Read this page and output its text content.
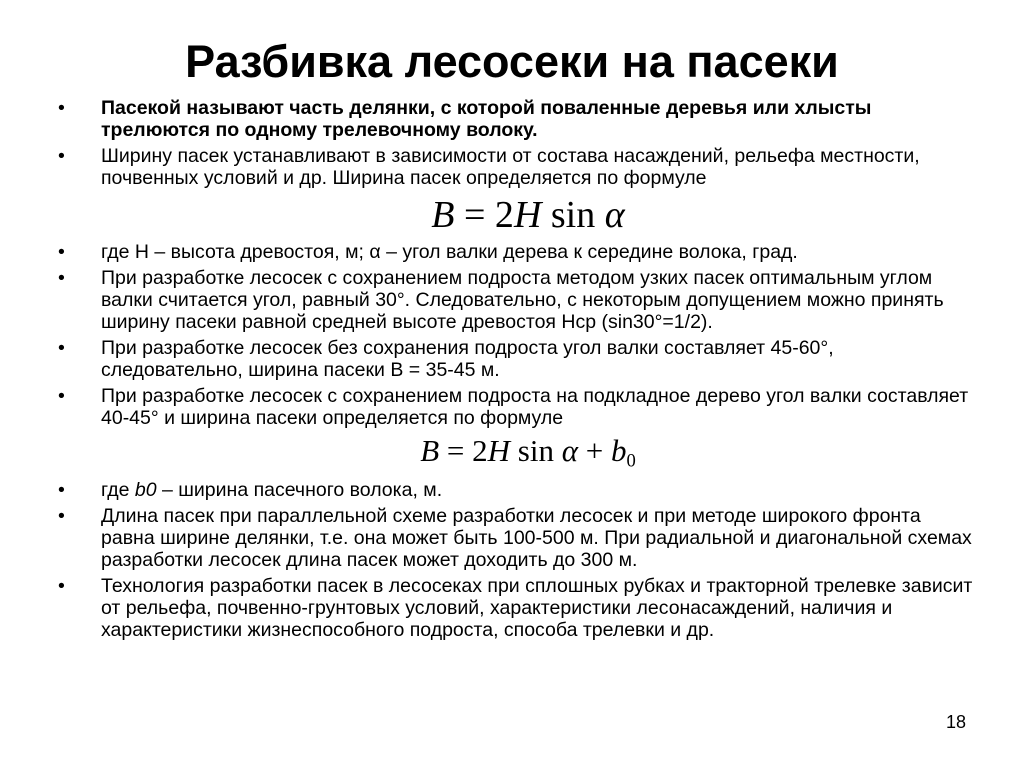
Разбивка лесосеки на пасеки
•	Пасекой называют часть делянки, с которой поваленные деревья или хлысты трелюются по одному трелевочному волоку.
•	Ширину пасек устанавливают в зависимости от состава насаждений, рельефа местности, почвенных условий и др. Ширина пасек определяется по формуле
B = 2H sin α
•	где Н – высота древостоя, м; α – угол валки дерева к середине волока, град.
•	При разработке лесосек с сохранением подроста методом узких пасек оптимальным углом валки считается угол, равный 30°. Следовательно, с некоторым допущением можно принять ширину пасеки равной средней высоте древостоя Нср (sin30°=1/2).
•	При разработке лесосек без сохранения подроста угол валки составляет 45-60°, следовательно, ширина пасеки В = 35-45 м.
•	При разработке лесосек с сохранением подроста на подкладное дерево угол валки составляет 40-45° и ширина пасеки определяется по формуле
B = 2H $\sin \alpha + b_0$
•	где b0 – ширина пасечного волока, м.
•	Длина пасек при параллельной схеме разработки лесосек и при методе широкого фронта равна ширине делянки, т.е. она может быть 100-500 м. При радиальной и диагональной схемах разработки лесосек длина пасек может доходить до 300 м.
•	Технология разработки пасек в лесосеках при сплошных рубках и тракторной трелевке зависит от рельефа, почвенно-грунтовых условий, характеристики лесонасаждений, наличия и характеристики жизнеспособного подроста, способа трелевки и др.
18
